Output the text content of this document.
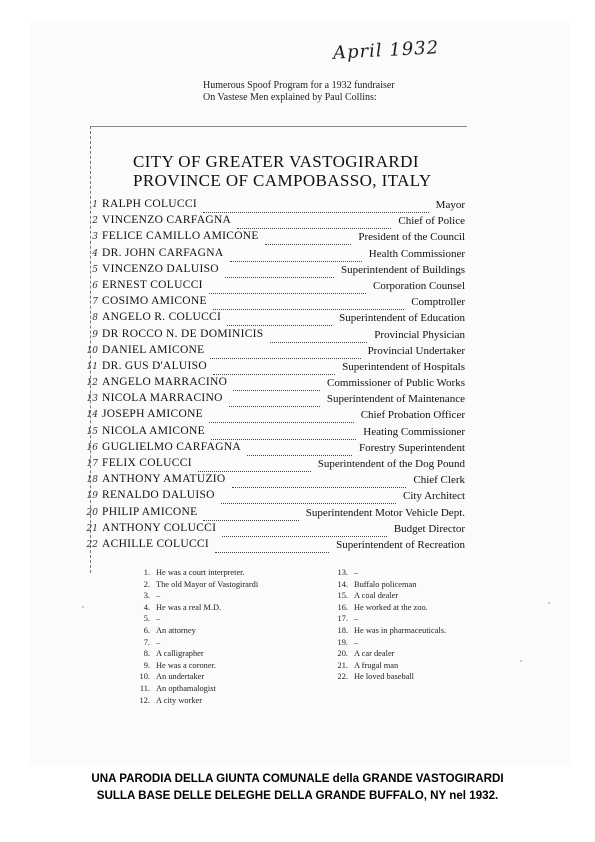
April 1932
Humerous Spoof Program for a 1932 fundraiser
On Vastese Men explained by Paul Collins:
CITY OF GREATER VASTOGIRARDI
PROVINCE OF CAMPOBASSO, ITALY
1 RALPH COLUCCI	Mayor
2 VINCENZO CARFAGNA	Chief of Police
3 FELICE CAMILLO AMICONE	President of the Council
4 DR. JOHN CARFAGNA	Health Commissioner
5 VINCENZO DALUISO	Superintendent of Buildings
6 ERNEST COLUCCI	Corporation Counsel
7 COSIMO AMICONE	Comptroller
8 ANGELO R. COLUCCI	Superintendent of Education
9 DR ROCCO N. DE DOMINICIS	Provincial Physician
10 DANIEL AMICONE	Provincial Undertaker
11 DR. GUS D'ALUISO	Superintendent of Hospitals
12 ANGELO MARRACINO	Commissioner of Public Works
13 NICOLA MARRACINO	Superintendent of Maintenance
14 JOSEPH AMICONE	Chief Probation Officer
15 NICOLA AMICONE	Heating Commissioner
16 GUGLIELMO CARFAGNA	Forestry Superintendent
17 FELIX COLUCCI	Superintendent of the Dog Pound
18 ANTHONY AMATUZIO	Chief Clerk
19 RENALDO DALUISO	City Architect
20 PHILIP AMICONE	Superintendent Motor Vehicle Dept.
21 ANTHONY COLUCCI	Budget Director
22 ACHILLE COLUCCI	Superintendent of Recreation
1. He was a court interpreter.
2. The old Mayor of Vastogirardi
3. –
4. He was a real M.D.
5. –
6. An attorney
7. –
8. A calligrapher
9. He was a coroner.
10. An undertaker
11. An opthamalogist
12. A city worker
13. –
14. Buffalo policeman
15. A coal dealer
16. He worked at the zoo.
17. –
18. He was in pharmaceuticals.
19. –
20. A car dealer
21. A frugal man
22. He loved baseball
UNA PARODIA DELLA GIUNTA COMUNALE della GRANDE VASTOGIRARDI
SULLA BASE DELLE DELEGHE DELLA GRANDE BUFFALO, NY nel 1932.
